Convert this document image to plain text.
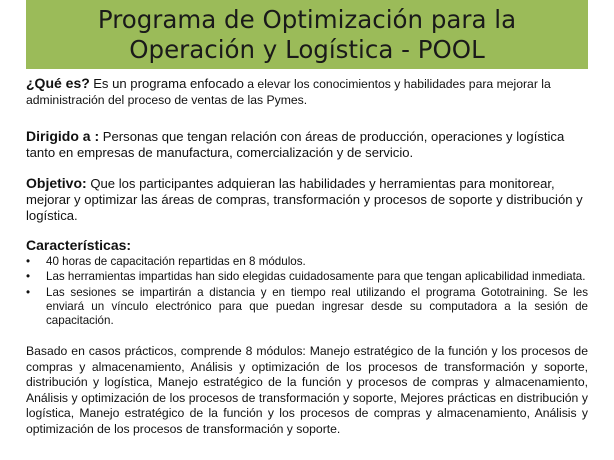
Programa de Optimización para la
Operación y Logística - POOL

¿Qué es? Es un programa enfocado a elevar los conocimientos y habilidades para mejorar la administración del proceso de ventas de las Pymes.

Dirigido a : Personas que tengan relación con áreas de producción, operaciones y logística tanto en empresas de manufactura, comercialización y de servicio.

Objetivo: Que los participantes adquieran las habilidades y herramientas para monitorear, mejorar y optimizar las áreas de compras, transformación y procesos de soporte y distribución y logística.

Características:
• 40 horas de capacitación repartidas en 8 módulos.
• Las herramientas impartidas han sido elegidas cuidadosamente para que tengan aplicabilidad inmediata.
• Las sesiones se impartirán a distancia y en tiempo real utilizando el programa Gototraining. Se les enviará un vínculo electrónico para que puedan ingresar desde su computadora a la sesión de capacitación.

Basado en casos prácticos, comprende 8 módulos: Manejo estratégico de la función y los procesos de compras y almacenamiento, Análisis y optimización de los procesos de transformación y soporte, distribución y logística, Manejo estratégico de la función y procesos de compras y almacenamiento, Análisis y optimización de los procesos de transformación y soporte, Mejores prácticas en distribución y logística, Manejo estratégico de la función y los procesos de compras y almacenamiento, Análisis y optimización de los procesos de transformación y soporte.
